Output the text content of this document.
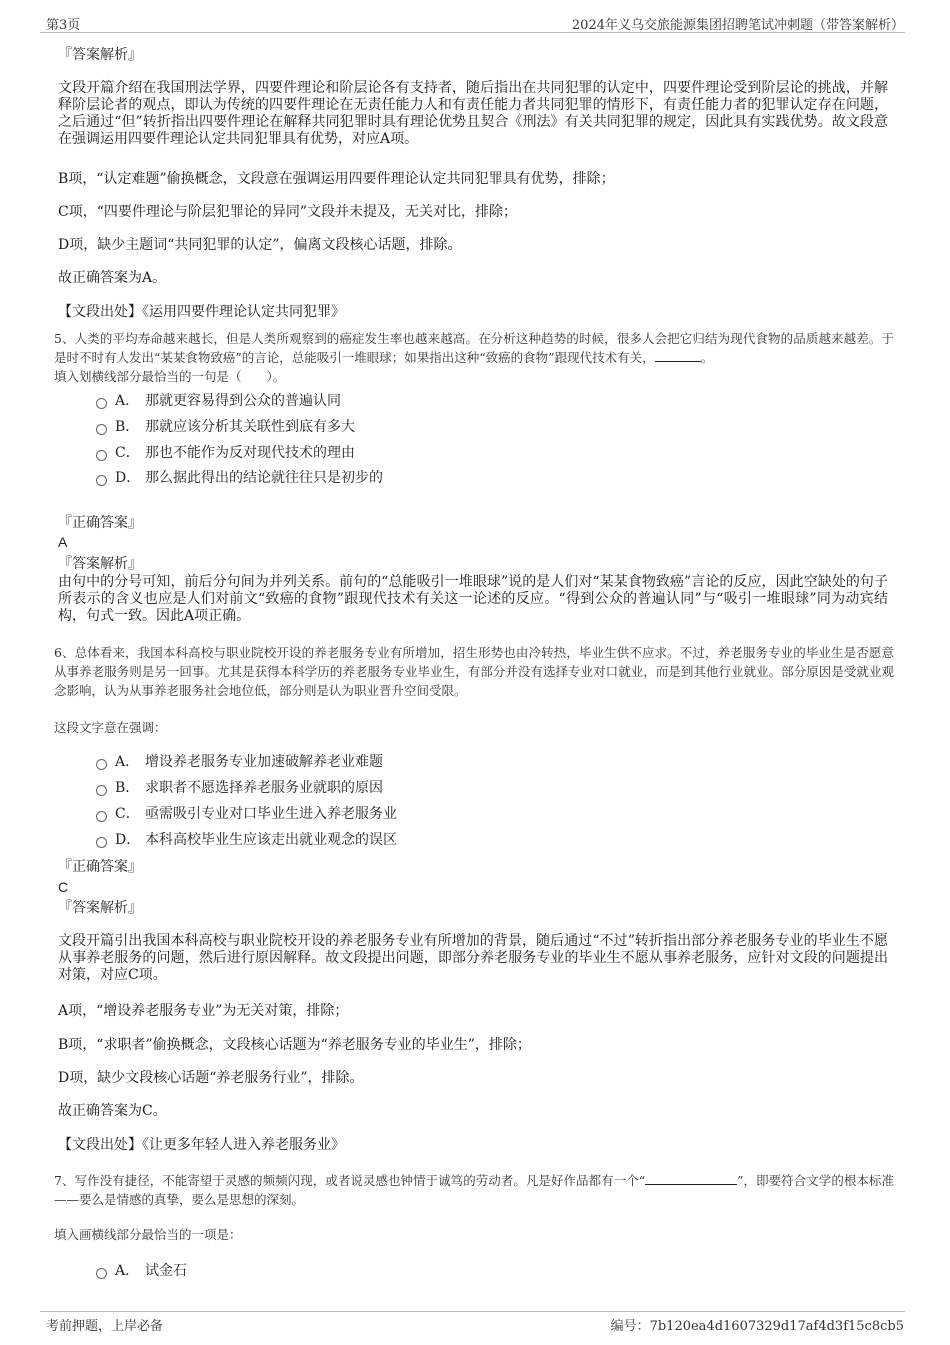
第3页	2024年义乌交旅能源集团招聘笔试冲刺题（带答案解析）
『答案解析』
文段开篇介绍在我国刑法学界，四要件理论和阶层论各有支持者，随后指出在共同犯罪的认定中，四要件理论受到阶层论的挑战，并解释阶层论者的观点，即认为传统的四要件理论在无责任能力人和有责任能力者共同犯罪的情形下，有责任能力者的犯罪认定存在问题，之后通过“但”转折指出四要件理论在解释共同犯罪时具有理论优势且契合《刑法》有关共同犯罪的规定，因此具有实践优势。故文段意在强调运用四要件理论认定共同犯罪具有优势，对应A项。
B项，“认定难题”偷换概念，文段意在强调运用四要件理论认定共同犯罪具有优势，排除；
C项，“四要件理论与阶层犯罪论的异同”文段并未提及，无关对比，排除；
D项，缺少主题词“共同犯罪的认定”，偏离文段核心话题，排除。
故正确答案为A。
【文段出处】《运用四要件理论认定共同犯罪》
5、人类的平均寿命越来越长，但是人类所观察到的癌症发生率也越来越高。在分析这种趋势的时候，很多人会把它归结为现代食物的品质越来越差。于是时不时有人发出“某某食物致癌”的言论，总能吸引一堆眼球；如果指出这种“致癌的食物”跟现代技术有关，	。
填入划横线部分最恰当的一句是（　　）。
A． 那就更容易得到公众的普遍认同
B． 那就应该分析其关联性到底有多大
C． 那也不能作为反对现代技术的理由
D． 那么据此得出的结论就往往只是初步的
『正确答案』
A
『答案解析』
由句中的分号可知，前后分句间为并列关系。前句的“总能吸引一堆眼球”说的是人们对“某某食物致癌”言论的反应，因此空缺处的句子所表示的含义也应是人们对前文“致癌的食物”跟现代技术有关这一论述的反应。“得到公众的普遍认同”与“吸引一堆眼球”同为动宾结构，句式一致。因此A项正确。
6、总体看来，我国本科高校与职业院校开设的养老服务专业有所增加，招生形势也由冷转热，毕业生供不应求。不过，养老服务专业的毕业生是否愿意从事养老服务则是另一回事。尤其是获得本科学历的养老服务专业毕业生，有部分并没有选择专业对口就业，而是到其他行业就业。部分原因是受就业观念影响，认为从事养老服务社会地位低，部分则是认为职业晋升空间受限。
这段文字意在强调：
A． 增设养老服务专业加速破解养老业难题
B． 求职者不愿选择养老服务业就职的原因
C． 亟需吸引专业对口毕业生进入养老服务业
D． 本科高校毕业生应该走出就业观念的误区
『正确答案』
C
『答案解析』
文段开篇引出我国本科高校与职业院校开设的养老服务专业有所增加的背景，随后通过“不过”转折指出部分养老服务专业的毕业生不愿从事养老服务的问题，然后进行原因解释。故文段提出问题，即部分养老服务专业的毕业生不愿从事养老服务，应针对文段的问题提出对策，对应C项。
A项，“增设养老服务专业”为无关对策，排除；
B项，“求职者”偷换概念，文段核心话题为“养老服务专业的毕业生”，排除；
D项，缺少文段核心话题“养老服务行业”，排除。
故正确答案为C。
【文段出处】《让更多年轻人进入养老服务业》
7、写作没有捷径，不能寄望于灵感的频频闪现，或者说灵感也钟情于诚笃的劳动者。凡是好作品都有一个“	”，即要符合文学的根本标准——要么是情感的真挚，要么是思想的深刻。
填入画横线部分最恰当的一项是：
A． 试金石
考前押题，上岸必备	编号：7b120ea4d1607329d17af4d3f15c8cb5
